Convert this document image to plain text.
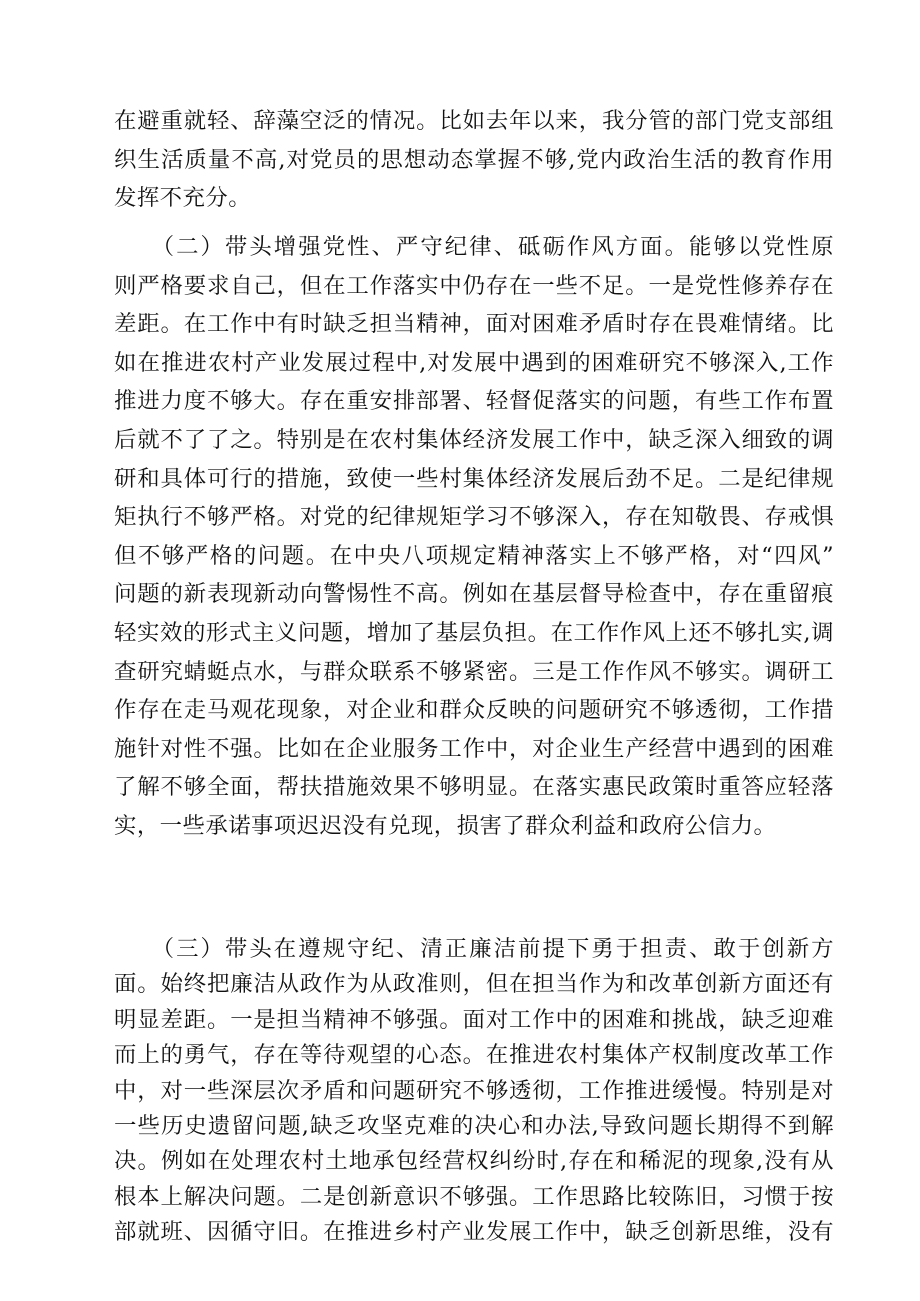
在避重就轻、辞藻空泛的情况。比如去年以来，我分管的部门党支部组
织生活质量不高,对党员的思想动态掌握不够,党内政治生活的教育作用
发挥不充分。
　　（二）带头增强党性、严守纪律、砥砺作风方面。能够以党性原
则严格要求自己，但在工作落实中仍存在一些不足。一是党性修养存在
差距。在工作中有时缺乏担当精神，面对困难矛盾时存在畏难情绪。比
如在推进农村产业发展过程中,对发展中遇到的困难研究不够深入,工作
推进力度不够大。存在重安排部署、轻督促落实的问题，有些工作布置
后就不了了之。特别是在农村集体经济发展工作中，缺乏深入细致的调
研和具体可行的措施，致使一些村集体经济发展后劲不足。二是纪律规
矩执行不够严格。对党的纪律规矩学习不够深入，存在知敬畏、存戒惧
但不够严格的问题。在中央八项规定精神落实上不够严格，对“四风”
问题的新表现新动向警惕性不高。例如在基层督导检查中，存在重留痕
轻实效的形式主义问题，增加了基层负担。在工作作风上还不够扎实,调
查研究蜻蜓点水，与群众联系不够紧密。三是工作作风不够实。调研工
作存在走马观花现象，对企业和群众反映的问题研究不够透彻，工作措
施针对性不强。比如在企业服务工作中，对企业生产经营中遇到的困难
了解不够全面，帮扶措施效果不够明显。在落实惠民政策时重答应轻落
实，一些承诺事项迟迟没有兑现，损害了群众利益和政府公信力。
　　（三）带头在遵规守纪、清正廉洁前提下勇于担责、敢于创新方
面。始终把廉洁从政作为从政准则，但在担当作为和改革创新方面还有
明显差距。一是担当精神不够强。面对工作中的困难和挑战，缺乏迎难
而上的勇气，存在等待观望的心态。在推进农村集体产权制度改革工作
中，对一些深层次矛盾和问题研究不够透彻，工作推进缓慢。特别是对
一些历史遗留问题,缺乏攻坚克难的决心和办法,导致问题长期得不到解
决。例如在处理农村土地承包经营权纠纷时,存在和稀泥的现象,没有从
根本上解决问题。二是创新意识不够强。工作思路比较陈旧，习惯于按
部就班、因循守旧。在推进乡村产业发展工作中，缺乏创新思维，没有
